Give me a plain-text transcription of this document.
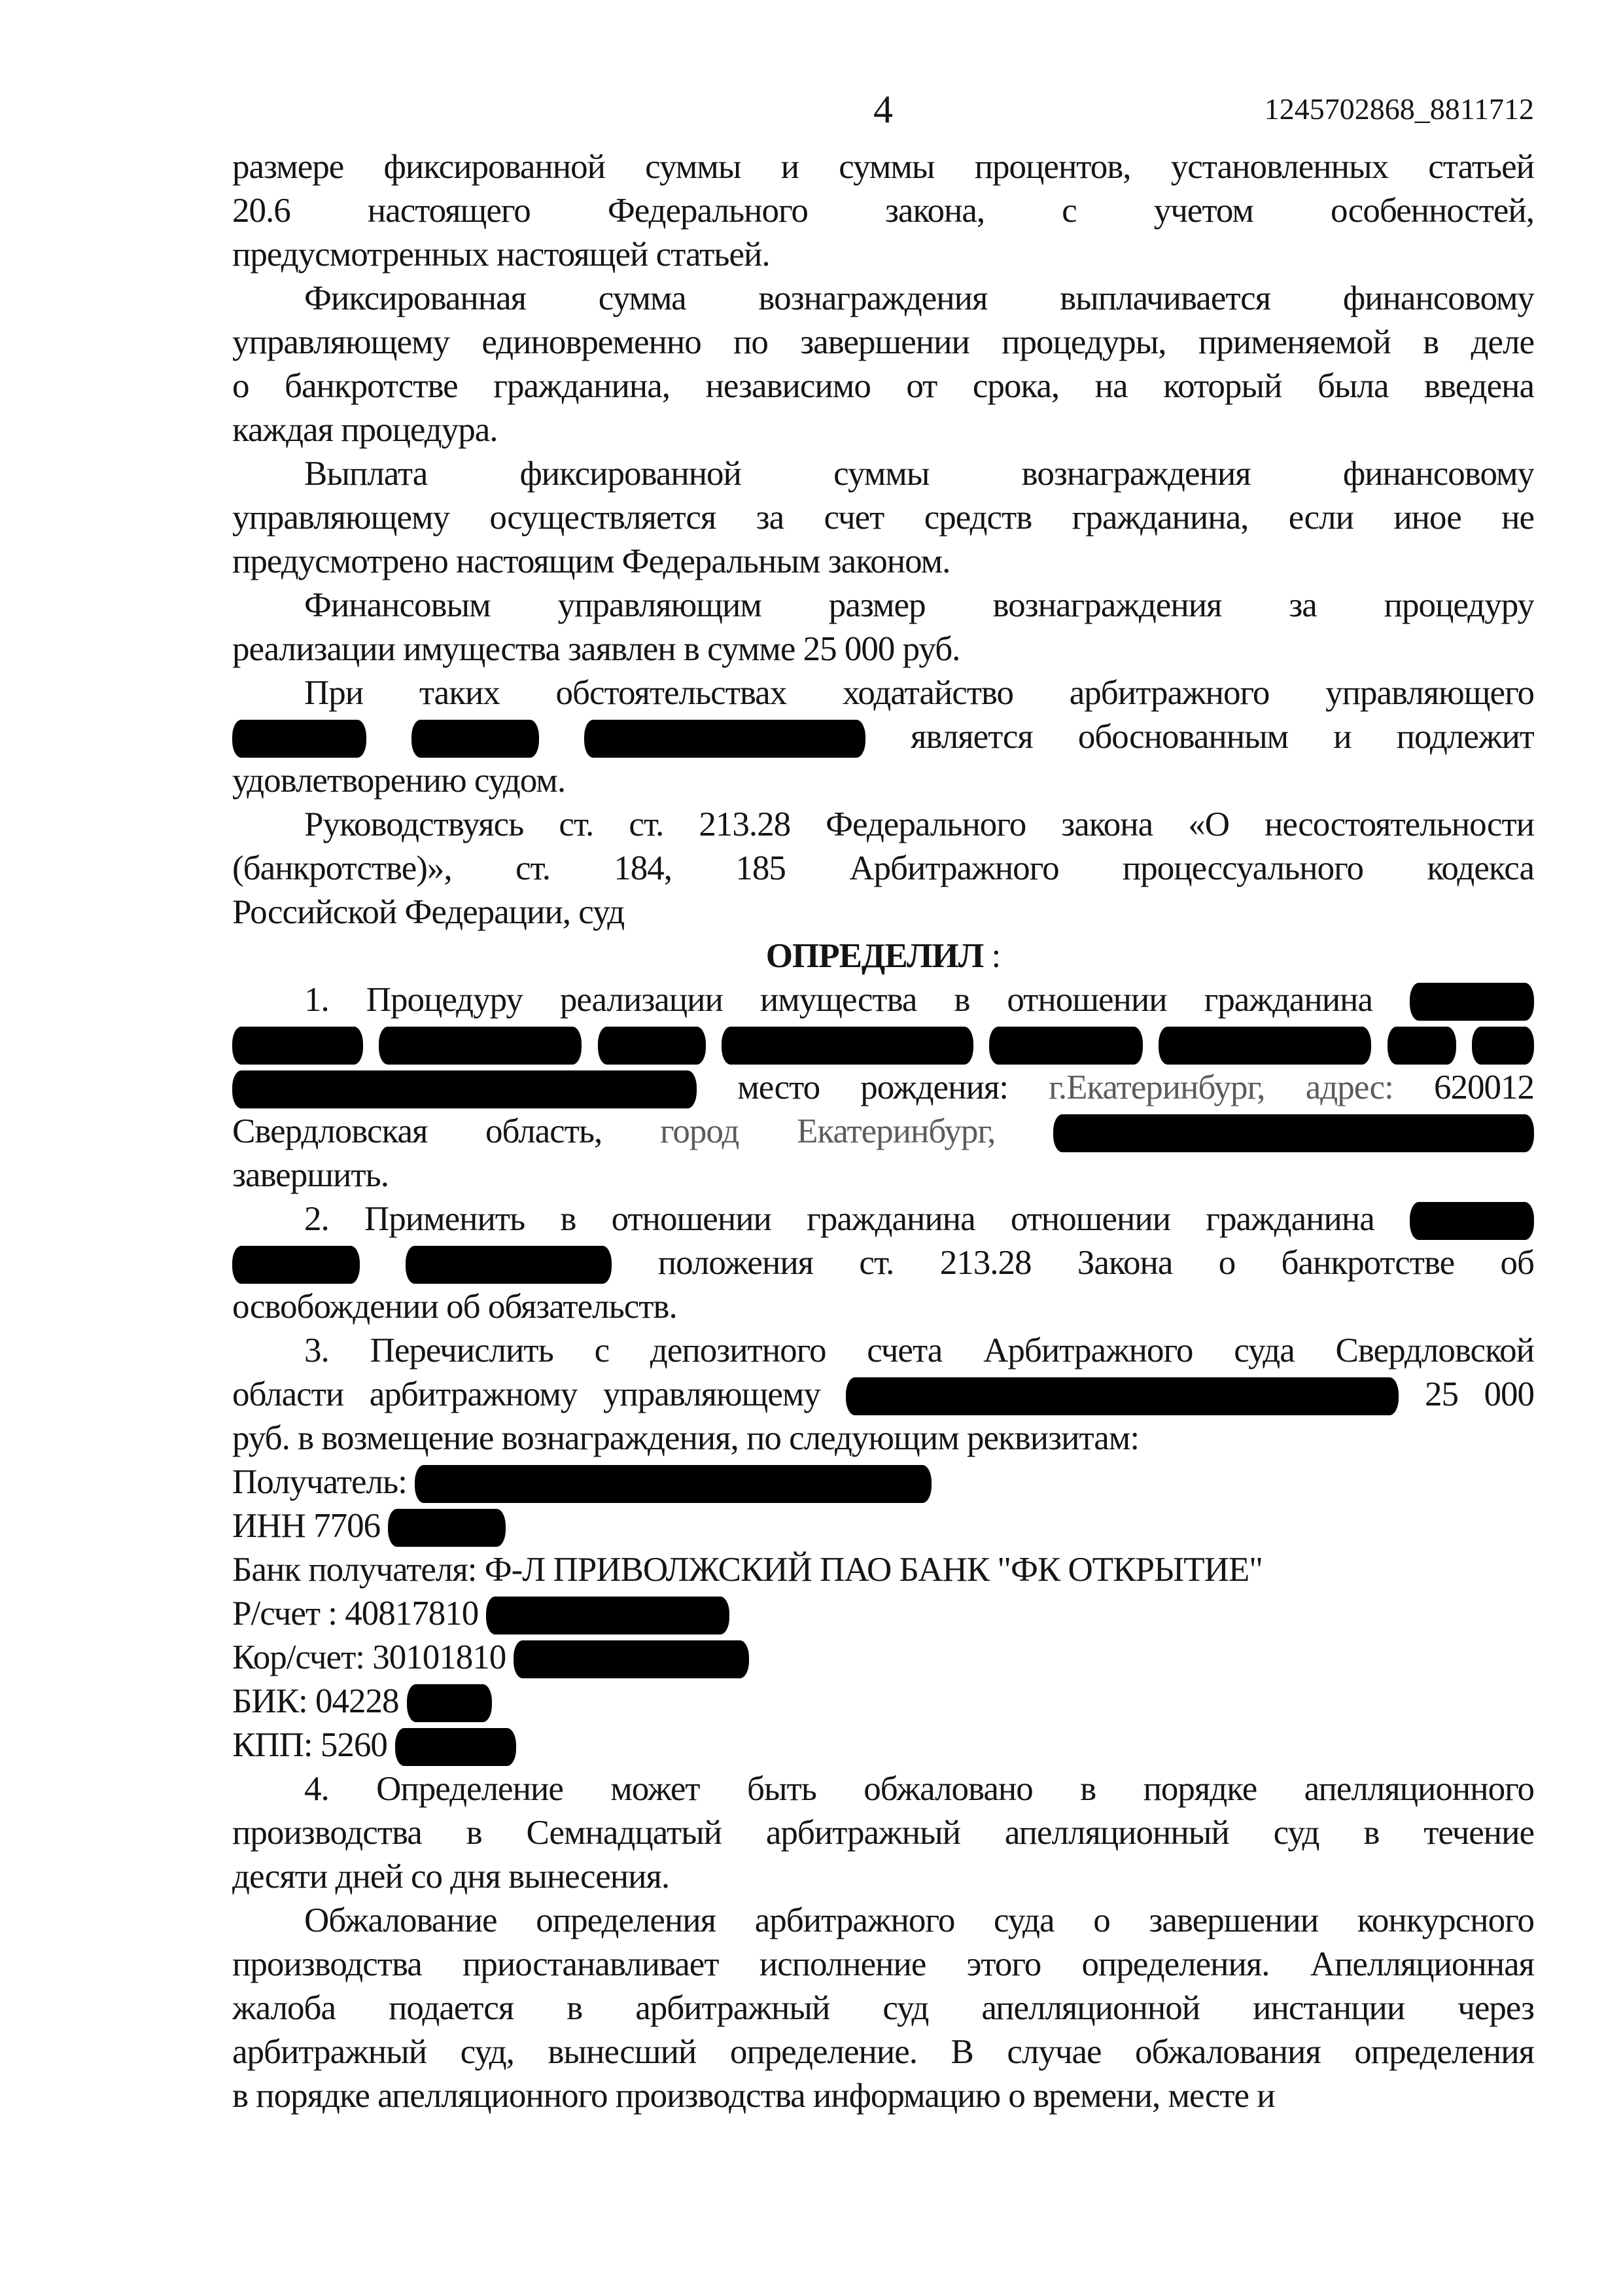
4	1245702868_8811712
размере фиксированной суммы и суммы процентов, установленных статьей
20.6 настоящего Федерального закона, с учетом особенностей,
предусмотренных настоящей статьей.
Фиксированная сумма вознаграждения выплачивается финансовому
управляющему единовременно по завершении процедуры, применяемой в деле
о банкротстве гражданина, независимо от срока, на который была введена
каждая процедура.
Выплата фиксированной суммы вознаграждения финансовому
управляющему осуществляется за счет средств гражданина, если иное не
предусмотрено настоящим Федеральным законом.
Финансовым управляющим размер вознаграждения за процедуру
реализации имущества заявлен в сумме 25 000 руб.
При таких обстоятельствах ходатайство арбитражного управляющего
является обоснованным и подлежит
удовлетворению судом.
Руководствуясь ст. ст. 213.28 Федерального закона «О несостоятельности
(банкротстве)», ст. 184, 185 Арбитражного процессуального кодекса
Российской Федерации, суд
ОПРЕДЕЛИЛ :
1. Процедуру реализации имущества в отношении гражданина

место рождения: г.Екатеринбург, адрес: 620012
Свердловская область, город Екатеринбург,
завершить.
2. Применить в отношении гражданина отношении гражданина
положения ст. 213.28 Закона о банкротстве об
освобождении об обязательств.
3. Перечислить с депозитного счета Арбитражного суда Свердловской
области арбитражному управляющему	25 000
руб. в возмещение вознаграждения, по следующим реквизитам:
Получатель:
ИНН 7706
Банк получателя: Ф-Л ПРИВОЛЖСКИЙ ПАО БАНК "ФК ОТКРЫТИЕ"
Р/счет : 40817810
Кор/счет: 30101810
БИК: 04228
КПП: 5260
4. Определение может быть обжаловано в порядке апелляционного
производства в Семнадцатый арбитражный апелляционный суд в течение
десяти дней со дня вынесения.
Обжалование определения арбитражного суда о завершении конкурсного
производства приостанавливает исполнение этого определения. Апелляционная
жалоба подается в арбитражный суд апелляционной инстанции через
арбитражный суд, вынесший определение. В случае обжалования определения
в порядке апелляционного производства информацию о времени, месте и
